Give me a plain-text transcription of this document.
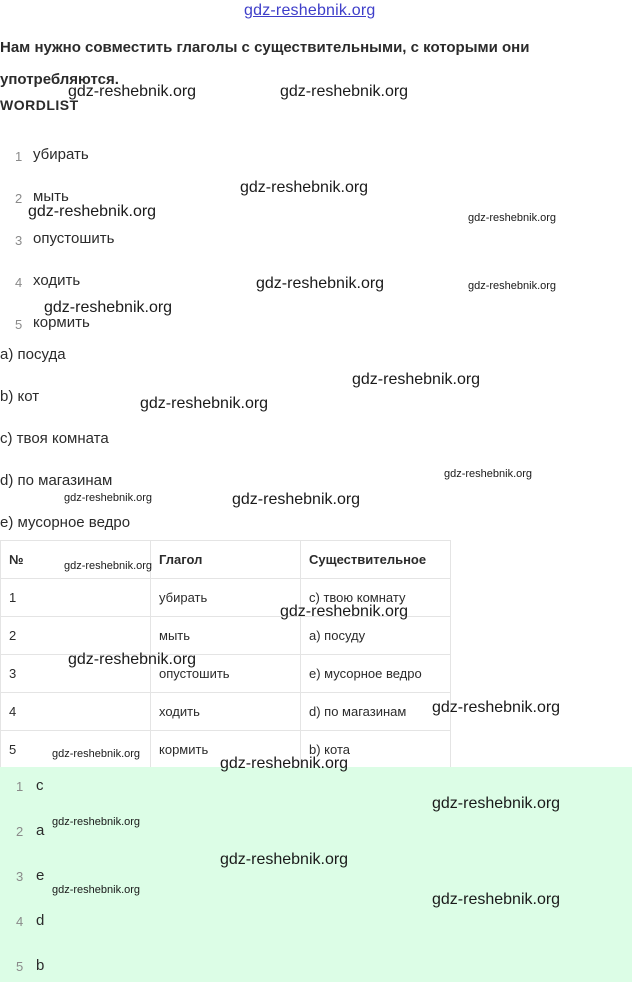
gdz-reshebnik.org
Нам нужно совместить глаголы с существительными, с которыми они употребляются.
WORDLIST
1 убирать
2 мыть
3 опустошить
4 ходить
5 кормить
a) посуда
b) кот
c) твоя комната
d) по магазинам
e) мусорное ведро
№	Глагол	Существительное
1	убирать	c) твою комнату
2	мыть	a) посуду
3	опустошить	e) мусорное ведро
4	ходить	d) по магазинам
5	кормить	b) кота
1 c
2 a
3 e
4 d
5 b
gdz-reshebnik.org	gdz-reshebnik.org
gdz-reshebnik.org
gdz-reshebnik.org	gdz-reshebnik.org
gdz-reshebnik.org	gdz-reshebnik.org
gdz-reshebnik.org
gdz-reshebnik.org
gdz-reshebnik.org
gdz-reshebnik.org
gdz-reshebnik.org	gdz-reshebnik.org
gdz-reshebnik.org
gdz-reshebnik.org
gdz-reshebnik.org
gdz-reshebnik.org
gdz-reshebnik.org
gdz-reshebnik.org
gdz-reshebnik.org
gdz-reshebnik.org
gdz-reshebnik.org
gdz-reshebnik.org
gdz-reshebnik.org
